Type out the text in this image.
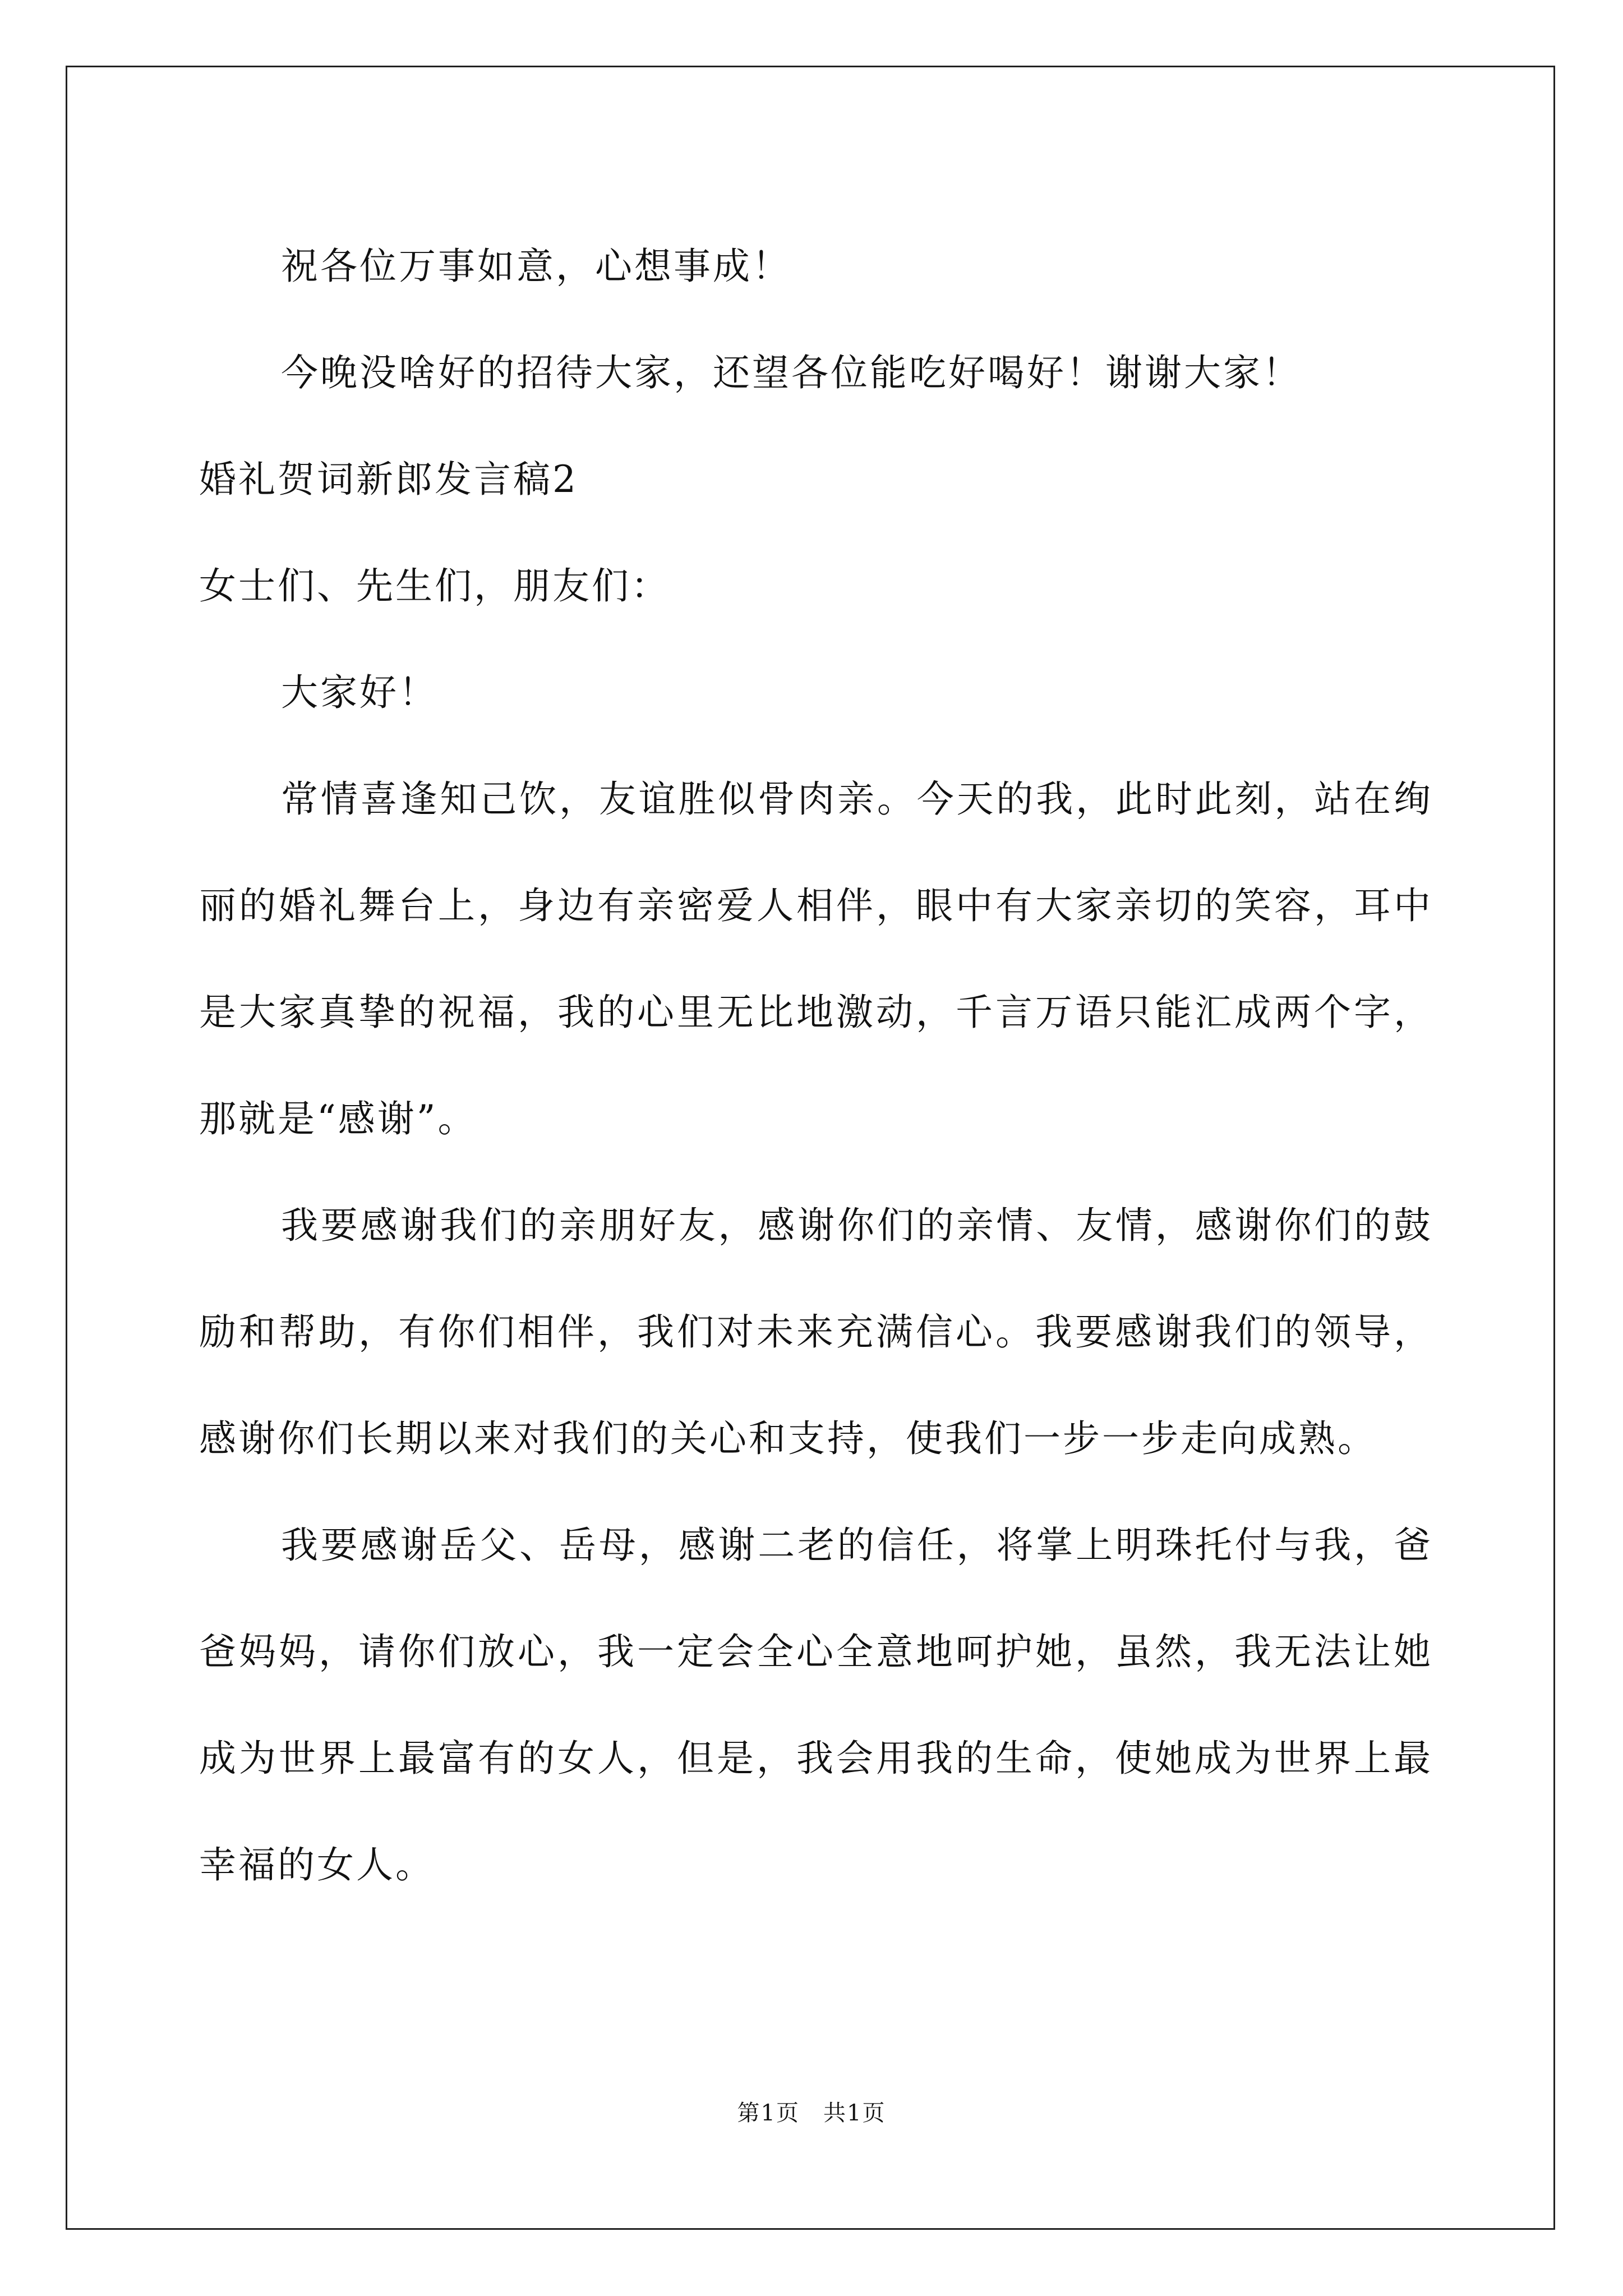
祝各位万事如意，心想事成！

今晚没啥好的招待大家，还望各位能吃好喝好！谢谢大家！

婚礼贺词新郎发言稿2

女士们、先生们，朋友们：

大家好！

常情喜逢知己饮，友谊胜似骨肉亲。今天的我，此时此刻，站在绚丽的婚礼舞台上，身边有亲密爱人相伴，眼中有大家亲切的笑容，耳中是大家真挚的祝福，我的心里无比地激动，千言万语只能汇成两个字，那就是“感谢”。

我要感谢我们的亲朋好友，感谢你们的亲情、友情，感谢你们的鼓励和帮助，有你们相伴，我们对未来充满信心。我要感谢我们的领导，感谢你们长期以来对我们的关心和支持，使我们一步一步走向成熟。

我要感谢岳父、岳母，感谢二老的信任，将掌上明珠托付与我，爸爸妈妈，请你们放心，我一定会全心全意地呵护她，虽然，我无法让她成为世界上最富有的女人，但是，我会用我的生命，使她成为世界上最幸福的女人。

第1页　共1页
